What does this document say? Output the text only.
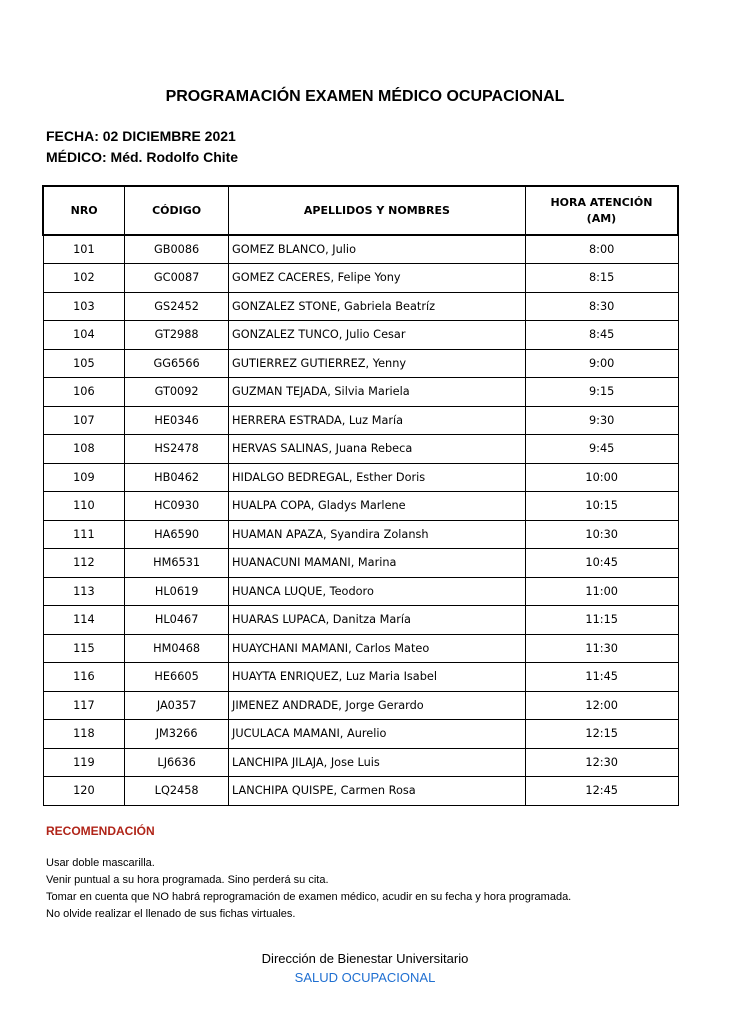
PROGRAMACIÓN EXAMEN MÉDICO OCUPACIONAL
FECHA: 02 DICIEMBRE 2021
MÉDICO: Méd. Rodolfo Chite
NRO	CÓDIGO	APELLIDOS Y NOMBRES	HORA ATENCIÓN
(AM)

101	GB0086	GOMEZ BLANCO, Julio	8:00
102	GC0087	GOMEZ CACERES, Felipe Yony	8:15
103	GS2452	GONZALEZ STONE, Gabriela Beatríz	8:30
104	GT2988	GONZALEZ TUNCO, Julio Cesar	8:45
105	GG6566	GUTIERREZ GUTIERREZ, Yenny	9:00
106	GT0092	GUZMAN TEJADA, Silvia Mariela	9:15
107	HE0346	HERRERA ESTRADA, Luz María	9:30
108	HS2478	HERVAS SALINAS, Juana Rebeca	9:45
109	HB0462	HIDALGO BEDREGAL, Esther Doris	10:00
110	HC0930	HUALPA COPA, Gladys Marlene	10:15
111	HA6590	HUAMAN APAZA, Syandira Zolansh	10:30
112	HM6531	HUANACUNI MAMANI, Marina	10:45
113	HL0619	HUANCA LUQUE, Teodoro	11:00
114	HL0467	HUARAS LUPACA, Danitza María	11:15
115	HM0468	HUAYCHANI MAMANI, Carlos Mateo	11:30
116	HE6605	HUAYTA ENRIQUEZ, Luz Maria Isabel	11:45
117	JA0357	JIMENEZ ANDRADE, Jorge Gerardo	12:00
118	JM3266	JUCULACA MAMANI, Aurelio	12:15
119	LJ6636	LANCHIPA JILAJA, Jose Luis	12:30
120	LQ2458	LANCHIPA QUISPE, Carmen Rosa	12:45
RECOMENDACIÓN
Usar doble mascarilla.
Venir puntual a su hora programada. Sino perderá su cita.
Tomar en cuenta que NO habrá reprogramación de examen médico, acudir en su fecha y hora programada.
No olvide realizar el llenado de sus fichas virtuales.
Dirección de Bienestar Universitario
SALUD OCUPACIONAL
